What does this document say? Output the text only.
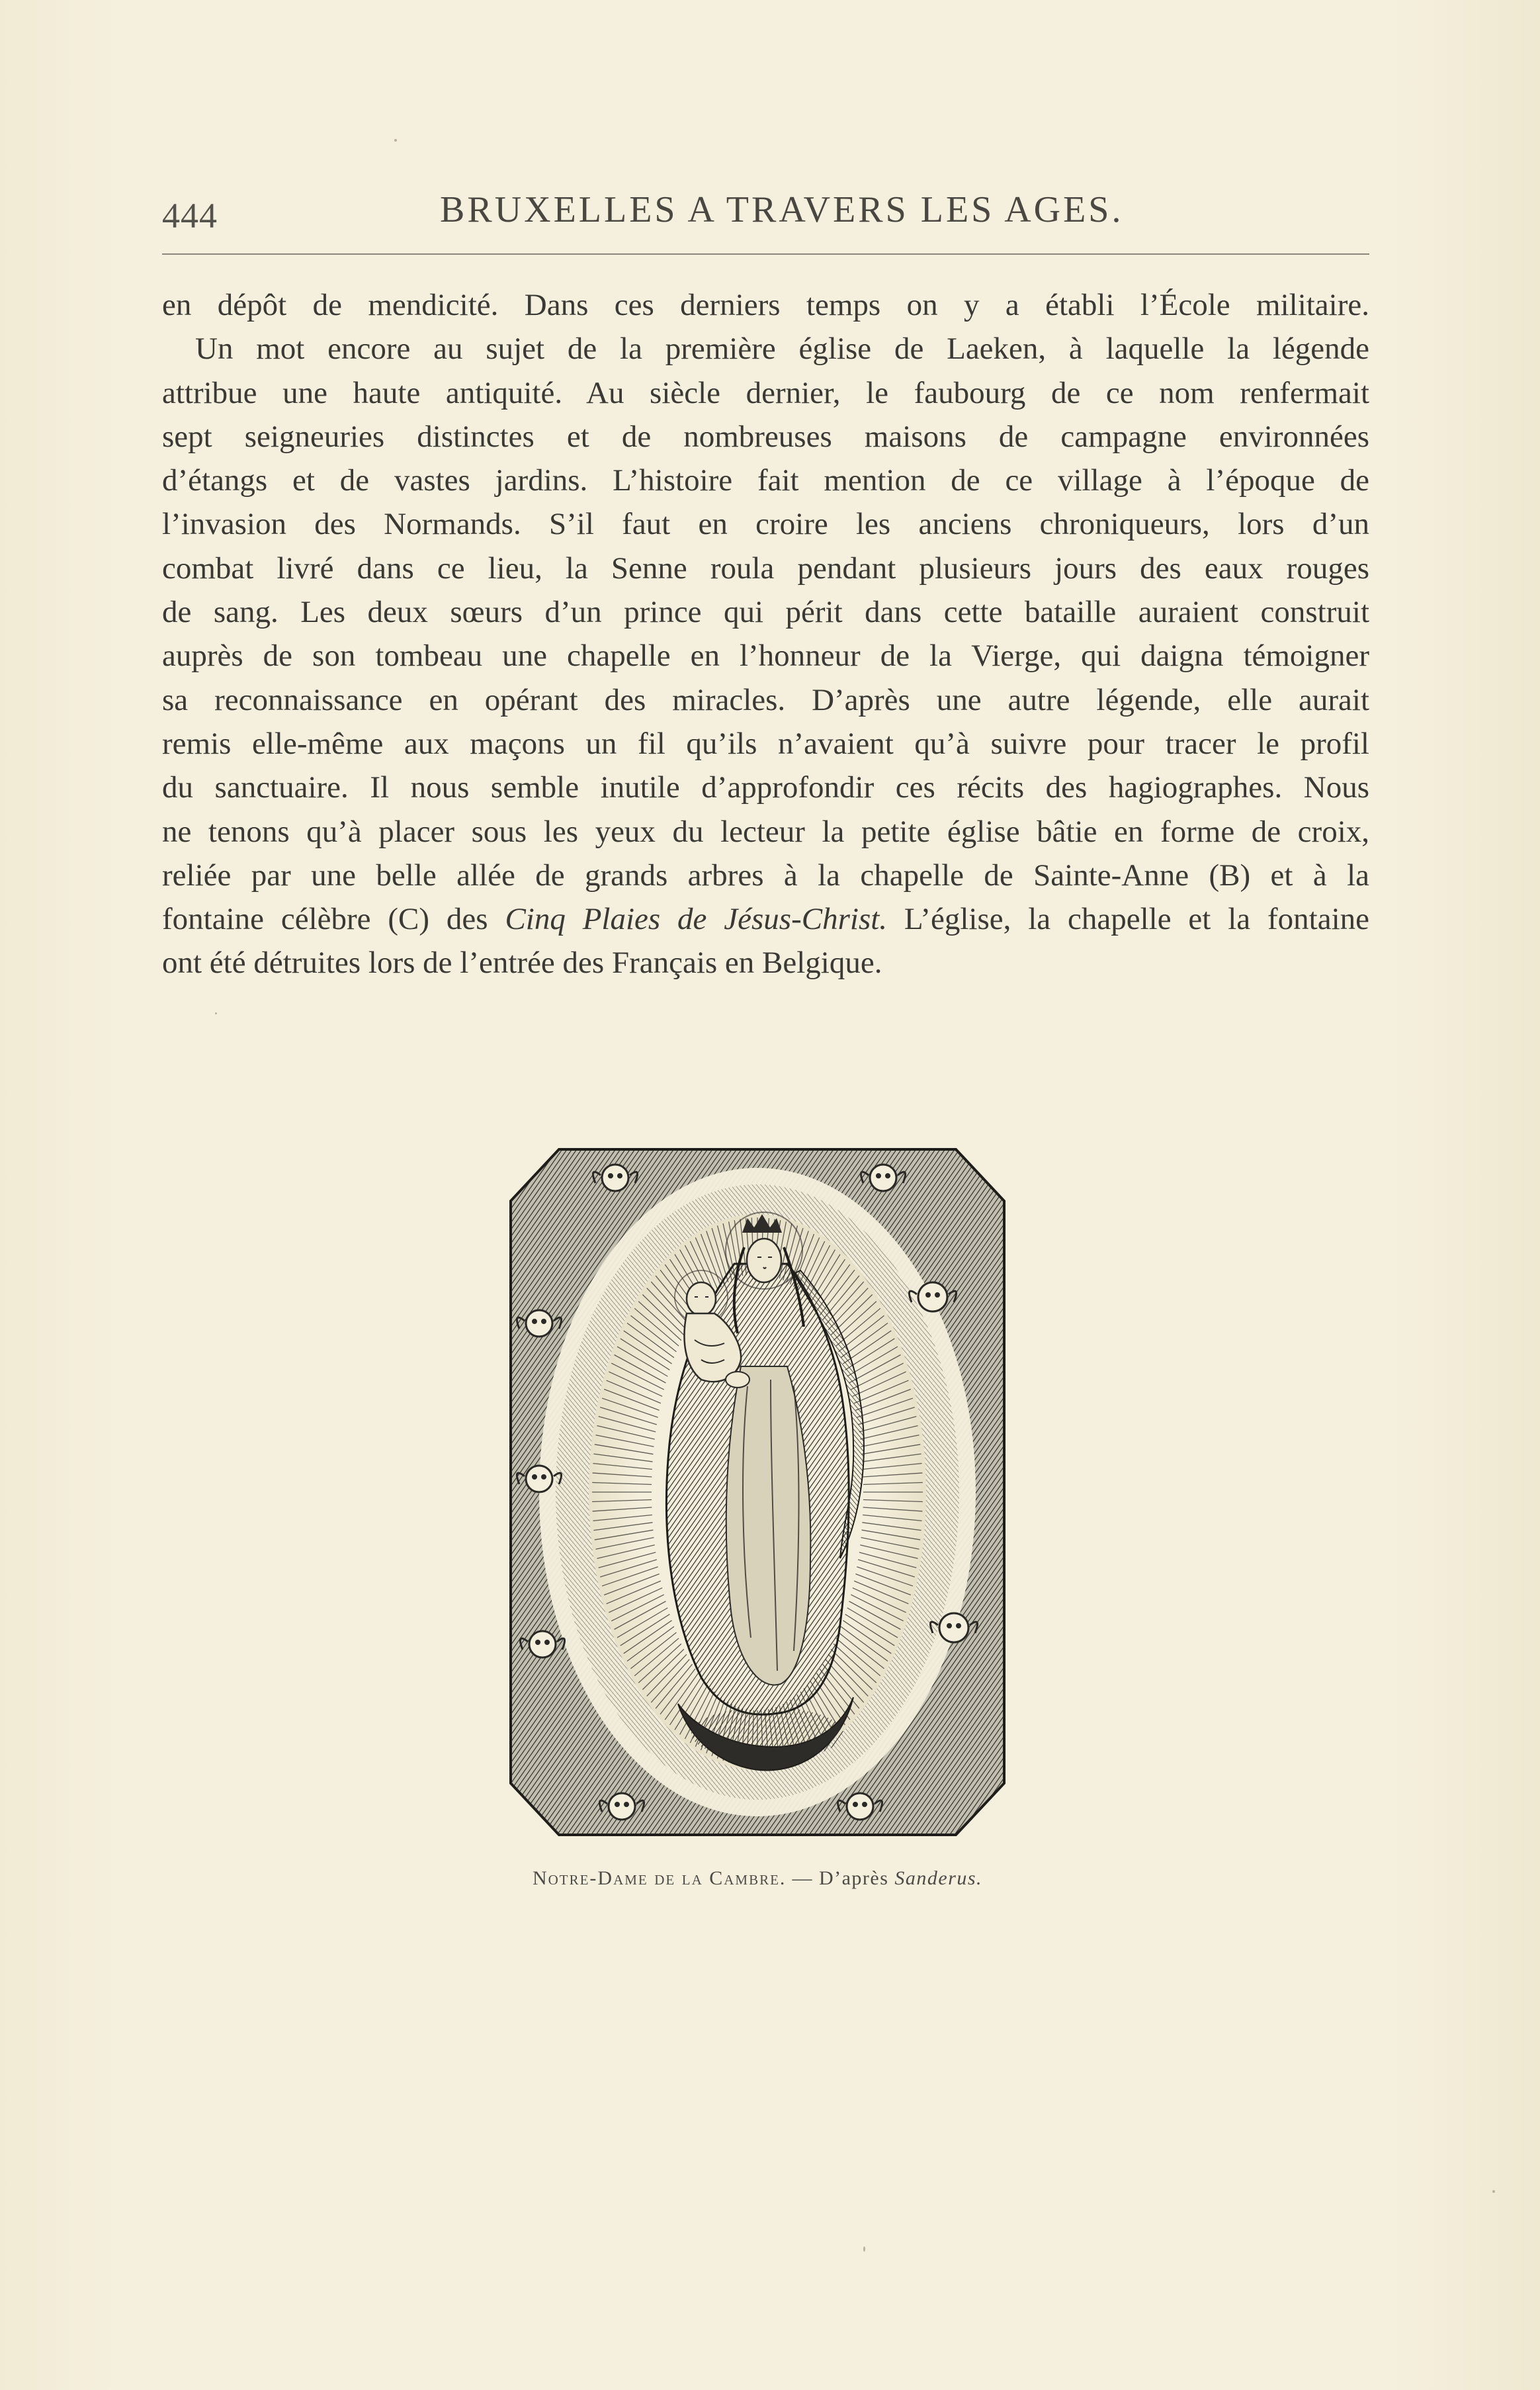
444	BRUXELLES A TRAVERS LES AGES.
en dépôt de mendicité. Dans ces derniers temps on y a établi l’École militaire.
Un mot encore au sujet de la première église de Laeken, à laquelle la légende
attribue une haute antiquité. Au siècle dernier, le faubourg de ce nom renfermait
sept seigneuries distinctes et de nombreuses maisons de campagne environnées
d’étangs et de vastes jardins. L’histoire fait mention de ce village à l’époque de
l’invasion des Normands. S’il faut en croire les anciens chroniqueurs, lors d’un
combat livré dans ce lieu, la Senne roula pendant plusieurs jours des eaux rouges
de sang. Les deux sœurs d’un prince qui périt dans cette bataille auraient construit
auprès de son tombeau une chapelle en l’honneur de la Vierge, qui daigna témoigner
sa reconnaissance en opérant des miracles. D’après une autre légende, elle aurait
remis elle-même aux maçons un fil qu’ils n’avaient qu’à suivre pour tracer le profil
du sanctuaire. Il nous semble inutile d’approfondir ces récits des hagiographes. Nous
ne tenons qu’à placer sous les yeux du lecteur la petite église bâtie en forme de croix,
reliée par une belle allée de grands arbres à la chapelle de Sainte-Anne (B) et à la
fontaine célèbre (C) des Cinq Plaies de Jésus-Christ. L’église, la chapelle et la fontaine
ont été détruites lors de l’entrée des Français en Belgique.
Notre-Dame de la Cambre. — D’après Sanderus.
